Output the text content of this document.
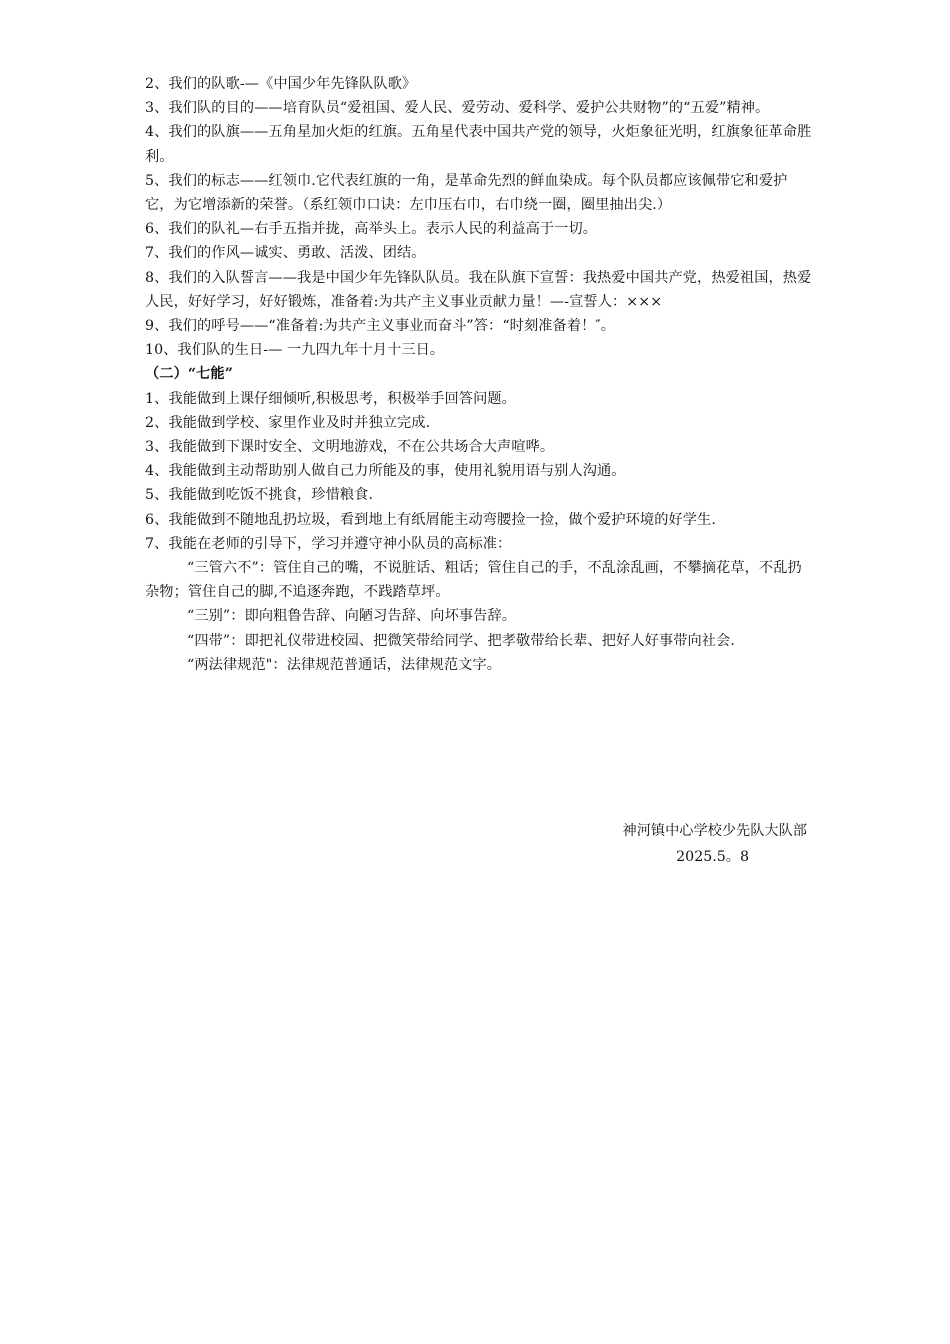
2、我们的队歌-—《中国少年先锋队队歌》

3、我们队的目的——培育队员“爱祖国、爱人民、爱劳动、爱科学、爱护公共财物”的“五爱”精神。

4、我们的队旗——五角星加火炬的红旗。五角星代表中国共产党的领导，火炬象征光明，红旗象征革命胜利。

5、我们的标志——红领巾.它代表红旗的一角，是革命先烈的鲜血染成。每个队员都应该佩带它和爱护它，为它增添新的荣誉。（系红领巾口诀：左巾压右巾，右巾绕一圈，圈里抽出尖.）

6、我们的队礼—右手五指并拢，高举头上。表示人民的利益高于一切。

7、我们的作风—诚实、勇敢、活泼、团结。

8、我们的入队誓言——我是中国少年先锋队队员。我在队旗下宣誓：我热爱中国共产党，热爱祖国，热爱人民，好好学习，好好锻炼，准备着:为共产主义事业贡献力量！—-宣誓人：×××

9、我们的呼号——“准备着:为共产主义事业而奋斗”答：“时刻准备着！″。

10、我们队的生日-— 一九四九年十月十三日。

（二）“七能”

1、我能做到上课仔细倾听,积极思考，积极举手回答问题。

2、我能做到学校、家里作业及时并独立完成.

3、我能做到下课时安全、文明地游戏，不在公共场合大声喧哗。

4、我能做到主动帮助别人做自己力所能及的事，使用礼貌用语与别人沟通。

5、我能做到吃饭不挑食，珍惜粮食.

6、我能做到不随地乱扔垃圾，看到地上有纸屑能主动弯腰捡一捡，做个爱护环境的好学生.

7、我能在老师的引导下，学习并遵守神小队员的高标准：

“三管六不”：管住自己的嘴，不说脏话、粗话；管住自己的手，不乱涂乱画，不攀摘花草，不乱扔杂物；管住自己的脚,不追逐奔跑，不践踏草坪。

“三别”：即向粗鲁告辞、向陋习告辞、向坏事告辞。

“四带”：即把礼仪带进校园、把微笑带给同学、把孝敬带给长辈、把好人好事带向社会.

“两法律规范"：法律规范普通话，法律规范文字。

神河镇中心学校少先队大队部
2025.5。8
